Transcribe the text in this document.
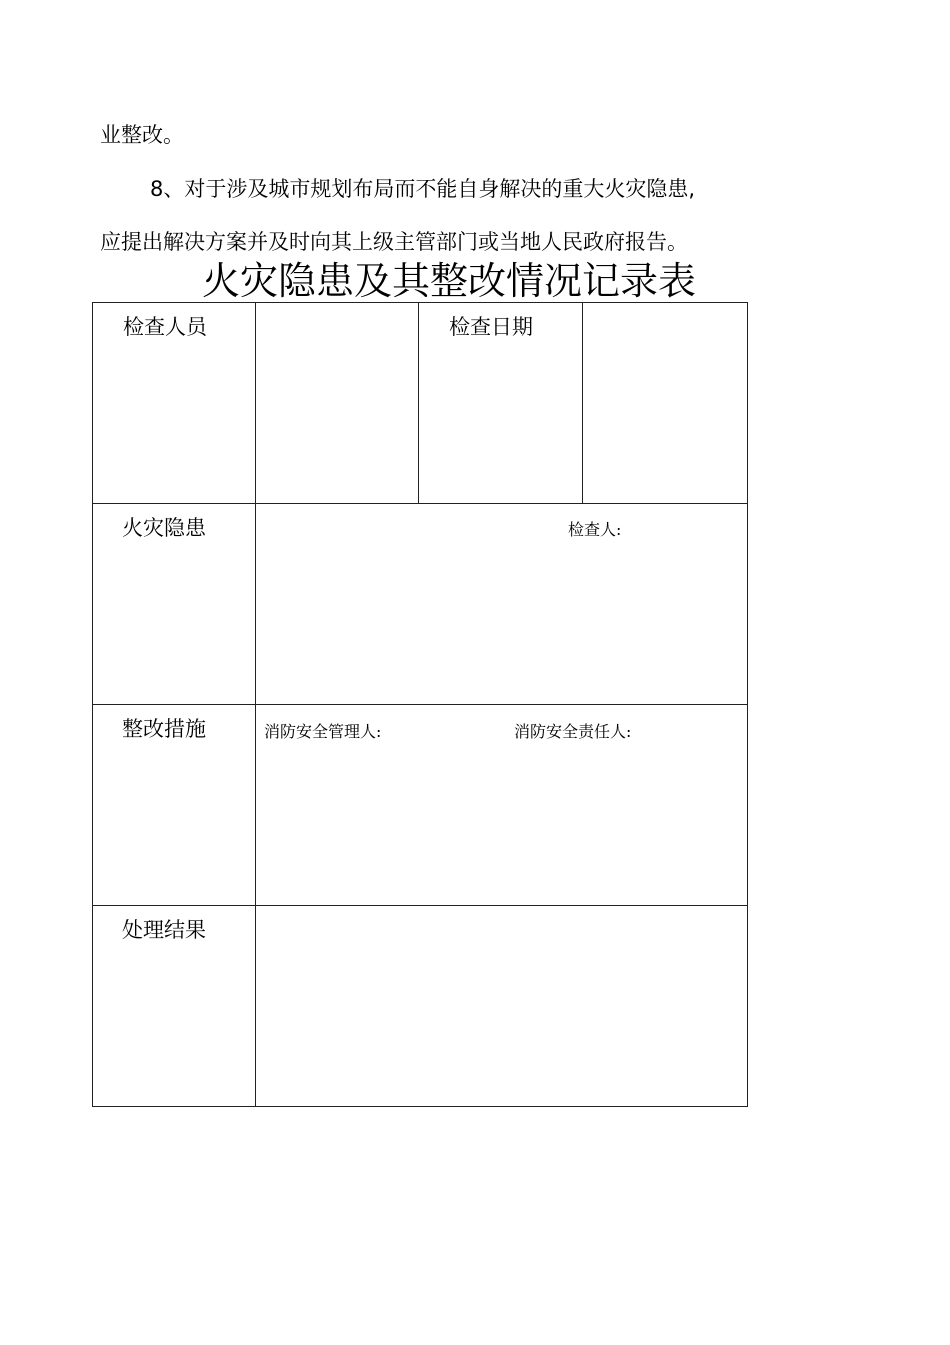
业整改。
8、对于涉及城市规划布局而不能自身解决的重大火灾隐患,
应提出解决方案并及时向其上级主管部门或当地人民政府报告。
火灾隐患及其整改情况记录表
检查人员		检查日期	

火灾隐患	检查人:		

整改措施	消防安全管理人: 消防安全责任人:		

处理结果			
